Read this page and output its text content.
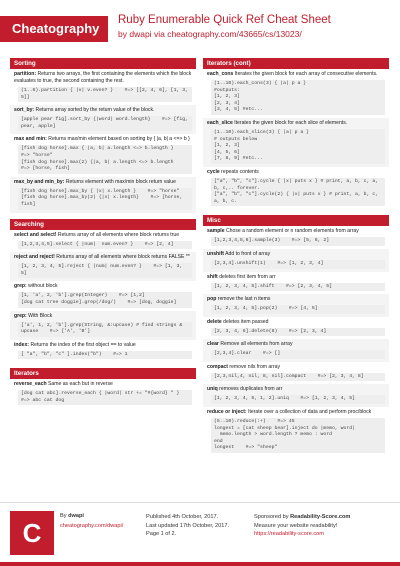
Cheatography
Ruby Enumerable Quick Ref Cheat Sheet
by dwapi via cheatography.com/43665/cs/13023/
Sorting
partition: Returns two arrays, the first containing the elements which the block evaluates to true, the second containing the rest.
(1..6).partition { |v| v.even? }    #=> [[2, 4, 6], [1, 3, 5]]
sort_by: Returns array sorted by the return value of the block.
[apple pear fig].sort_by {|word| word.length}    #=> [fig, pear, apple]
max and min: Returns max/min element based on sorting by { |a, b| a <=> b }
[fish dog horse].max { |a, b| a.length <=> b.length }    #=> "horse"
[fish dog horse].max(2) {|a, b| a.length <=> b.length    #=> [horse, fish]
max_by and min_by: Returns element with max/min block return value
[fish dog horse].max_by { |x| x.length }    #=> "horse"
[fish dog horse].max_by(2) {|x| x.length}    #=> [horse, fish]
Searching
select and select! Returns array of all elements where block returns true
[1,2,3,4,5].select { |num|  num.even? }    #=> [2, 4]
reject and reject! Returns array of all elements where block returns FALSE **
[1, 2, 3, 4, 5].reject { |num| num.even? }    #=> [1, 3, 5]
grep: without block
[1, 'a', 2, 'b'].grep(Integer)    #=> [1,2]
[dog cat tree doggie].grep(/dog/)    #=> [dog, doggie]
grep: With Block
['a', 1, 2, 'b'].grep(String, &:upcase) # find strings & upcase    #=> ['A', 'B']
index: Returns the index of the first object == to value
[ "a", "b", "c" ].index("b")    #=> 1
Iterators
reverse_each Same as each but in reverse
[dog cat abc].reverse_each { |word| str += "#{word} " }    #=> abc cat dog
Iterators (cont)
each_cons Iterates the given block for each array of consecutive elements.
(1..10).each_cons(3) { |a| p a }
#outputs:
[1, 2, 3]
[2, 3, 4]
[3, 4, 5] #etc...
each_slice Iterates the given block for each slice of elements.
(1..10).each_slice(3) { |a| p a }
# outputs below
[1, 2, 3]
[4, 5, 6]
[7, 8, 9] #etc...
cycle repeats contents
["a", "b", "c"].cycle { |x| puts x } # print, a, b, c, a, b, c,.. forever.
["a", "b", "c"].cycle(2) { |x| puts x } # print, a, b, c, a, b, c.
Misc
sample Chose a random element or n random elements from array
[1,2,3,4,5,6].sample(3)    #=> [5, 6, 2]
unshift Add to front of array
[2,3,4].unshift(1)    #=> [1, 2, 3, 4]
shift deletes first item from arr
[1, 2, 3, 4, 5].shift    #=> [2, 3, 4, 5]
pop remove the last n items
[1, 2, 3, 4, 5].pop(2)    #=> [4, 5]
delete deletes item passed
[2, 3, 4, 6].delete(6)    #=> [2, 3, 4]
clear Remove all elements from array
[2,3,4].clear    #=> []
compact remove nils from array
[2,3,nil,4, nil, 8, nil].compact    #=> [2, 3, 4, 8]
uniq removes duplicates from arr
[1, 2, 3, 4, 5, 1, 2].uniq    #=> [1, 2, 3, 4, 5]
reduce or inject: Iterate over a collection of data and perform proc/block
(5..10).reduce(:+)    #=> 45
longest = [cat sheep bear].inject do |memo, word|
memo.length > word.length ? memo : word
end
longest    #=> "sheep"
C
By dwapi
cheatography.com/dwapi/
Published 4th October, 2017.
Last updated 17th October, 2017.
Page 1 of 2.
Sponsored by Readability-Score.com
Measure your website readability!
https://readability-score.com
